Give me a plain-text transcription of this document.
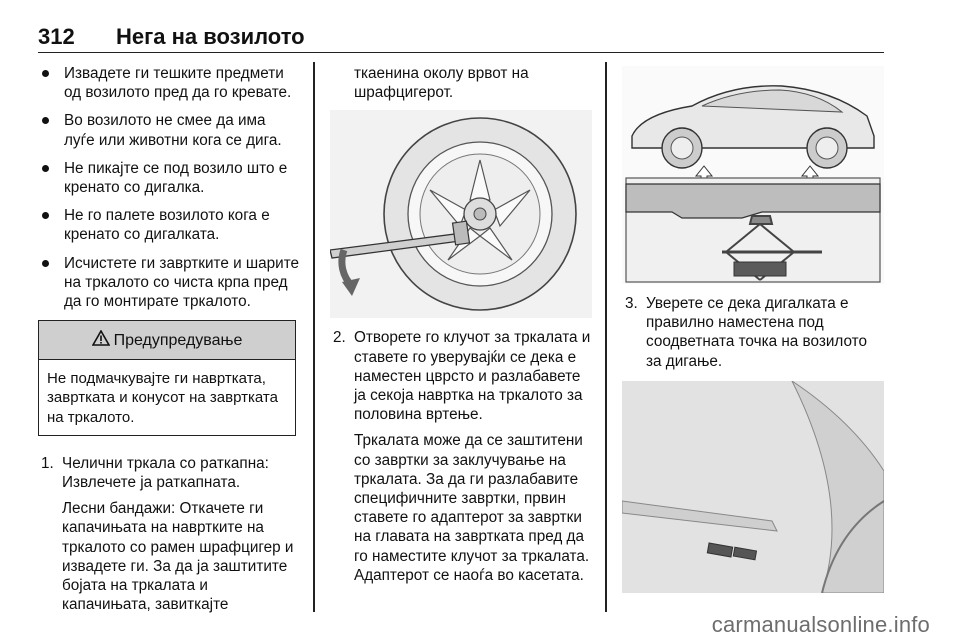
312 Нега на возилото
Извадете ги тешките предмети од возилото пред да го кревате.
Во возилото не смее да има луѓе или животни кога се дига.
Не пикајте се под возило што е кренато со дигалка.
Не го палете возилото кога е кренато со дигалката.
Исчистете ги завртките и шарите на тркалото со чиста крпа пред да го монтирате тркалото.
Предупредување
Не подмачкувајте ги навртката, завртката и конусот на завртката на тркалото.
1. Челични тркала со раткапна: Извлечете ја раткапната.

Лесни бандажи: Откачете ги капачињата на навртките на тркалото со рамен шрафцигер и извадете ги. За да ја заштитите бојата на тркалата и капачињата, завиткајте

ткаенина околу врвот на шрафцигерот.
2. Отворете го клучот за тркалата и ставете го уверувајќи се дека е наместен цврсто и разлабавете ја секоја навртка на тркалото за половина вртење.

Тркалата може да се заштитени со завртки за заклучување на тркалата. За да ги разлабавите специфичните завртки, првин ставете го адаптерот за завртки на главата на завртката пред да го наместите клучот за тркалата. Адаптерот се наоѓа во касетата.

3. Уверете се дека дигалката е правилно наместена под соодветната точка на возилото за дигање.

carmanualsonline.info
